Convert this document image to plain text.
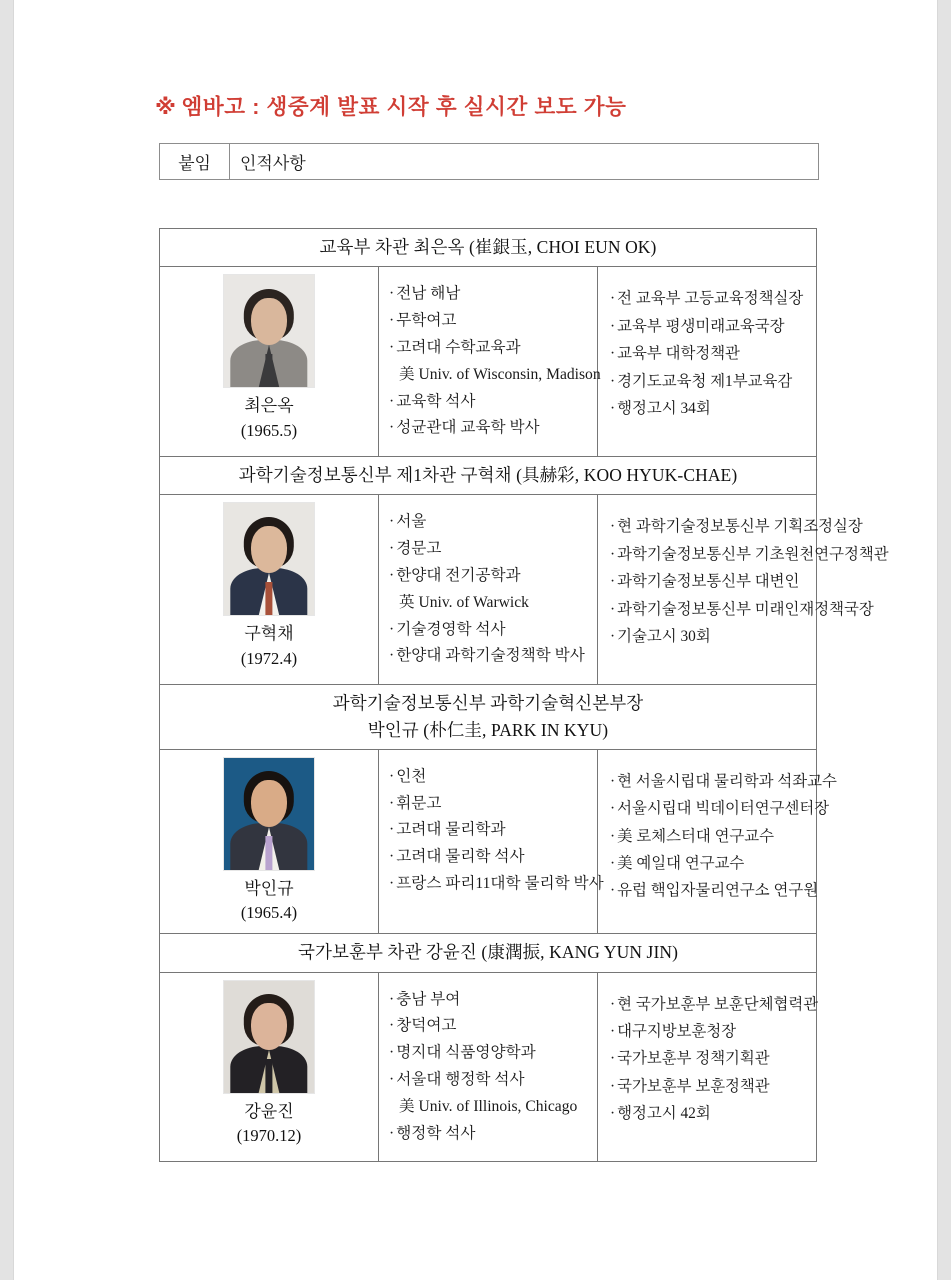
※ 엠바고 : 생중계 발표 시작 후 실시간 보도 가능
붙임	인적사항
교육부 차관 최은옥 (崔銀玉, CHOI EUN OK)		

최은옥
(1965.5)

· 전남 해남
· 무학여고
· 고려대 수학교육과
美 Univ. of Wisconsin, Madison
· 교육학 석사
· 성균관대 교육학 박사

· 전 교육부 고등교육정책실장
· 교육부 평생미래교육국장
· 교육부 대학정책관
· 경기도교육청 제1부교육감
· 행정고시 34회

과학기술정보통신부 제1차관 구혁채 (具赫彩, KOO HYUK-CHAE)		

구혁채
(1972.4)

· 서울
· 경문고
· 한양대 전기공학과
英 Univ. of Warwick
· 기술경영학 석사
· 한양대 과학기술정책학 박사

· 현 과학기술정보통신부 기획조정실장
· 과학기술정보통신부 기초원천연구정책관
· 과학기술정보통신부 대변인
· 과학기술정보통신부 미래인재정책국장
· 기술고시 30회

과학기술정보통신부 과학기술혁신본부장
박인규 (朴仁圭, PARK IN KYU)		

박인규
(1965.4)

· 인천
· 휘문고
· 고려대 물리학과
· 고려대 물리학 석사
· 프랑스 파리11대학 물리학 박사

· 현 서울시립대 물리학과 석좌교수
· 서울시립대 빅데이터연구센터장
· 美 로체스터대 연구교수
· 美 예일대 연구교수
· 유럽 핵입자물리연구소 연구원

국가보훈부 차관 강윤진 (康潤振, KANG YUN JIN)		

강윤진
(1970.12)

· 충남 부여
· 창덕여고
· 명지대 식품영양학과
· 서울대 행정학 석사
美 Univ. of Illinois, Chicago
· 행정학 석사

· 현 국가보훈부 보훈단체협력관
· 대구지방보훈청장
· 국가보훈부 정책기획관
· 국가보훈부 보훈정책관
· 행정고시 42회
